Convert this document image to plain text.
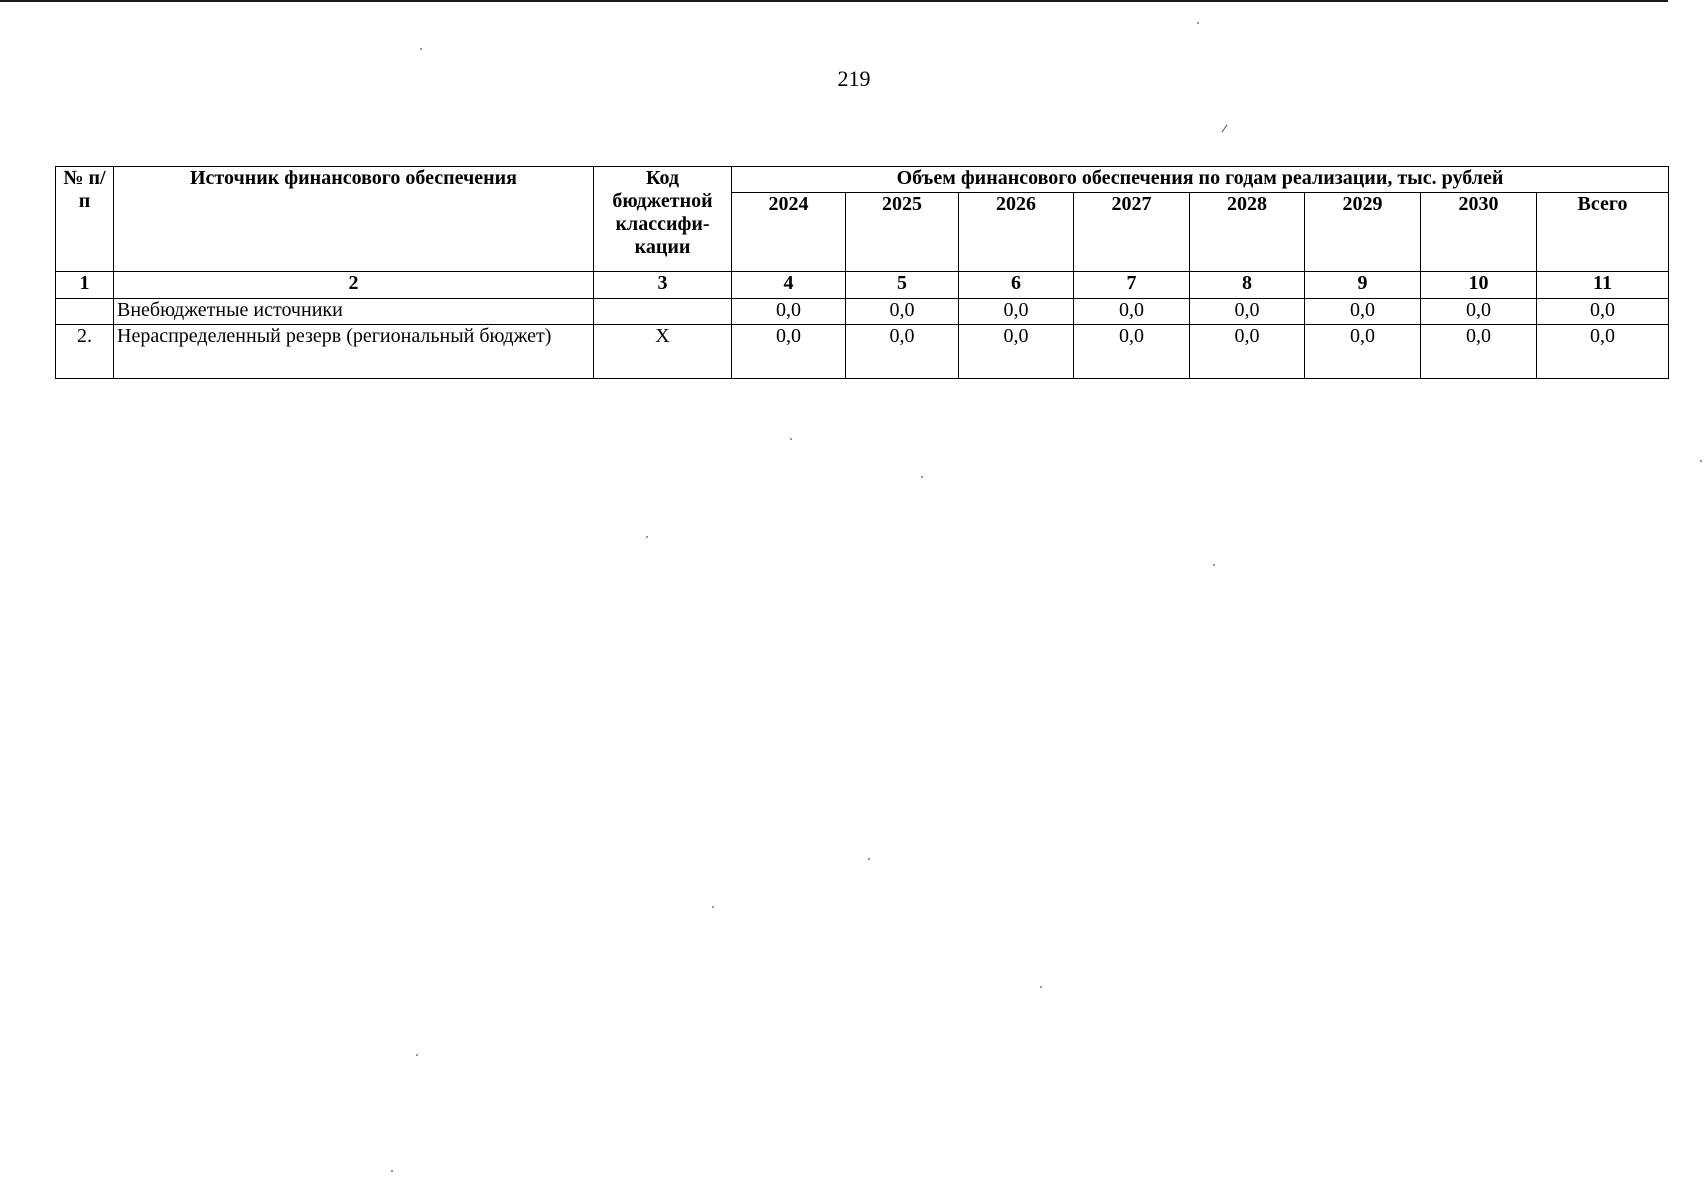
219
№ п/п	Источник финансового обеспечения	Код бюджетной классифи-кации	Объем финансового обеспечения по годам реализации, тыс. рублей							
			2024	2025	2026	2027	2028	2029	2030	Всего
1	2	3	4	5	6	7	8	9	10	11
	Внебюджетные источники		0,0	0,0	0,0	0,0	0,0	0,0	0,0	0,0
2.	Нераспределенный резерв (региональный бюджет)	X	0,0	0,0	0,0	0,0	0,0	0,0	0,0	0,0
